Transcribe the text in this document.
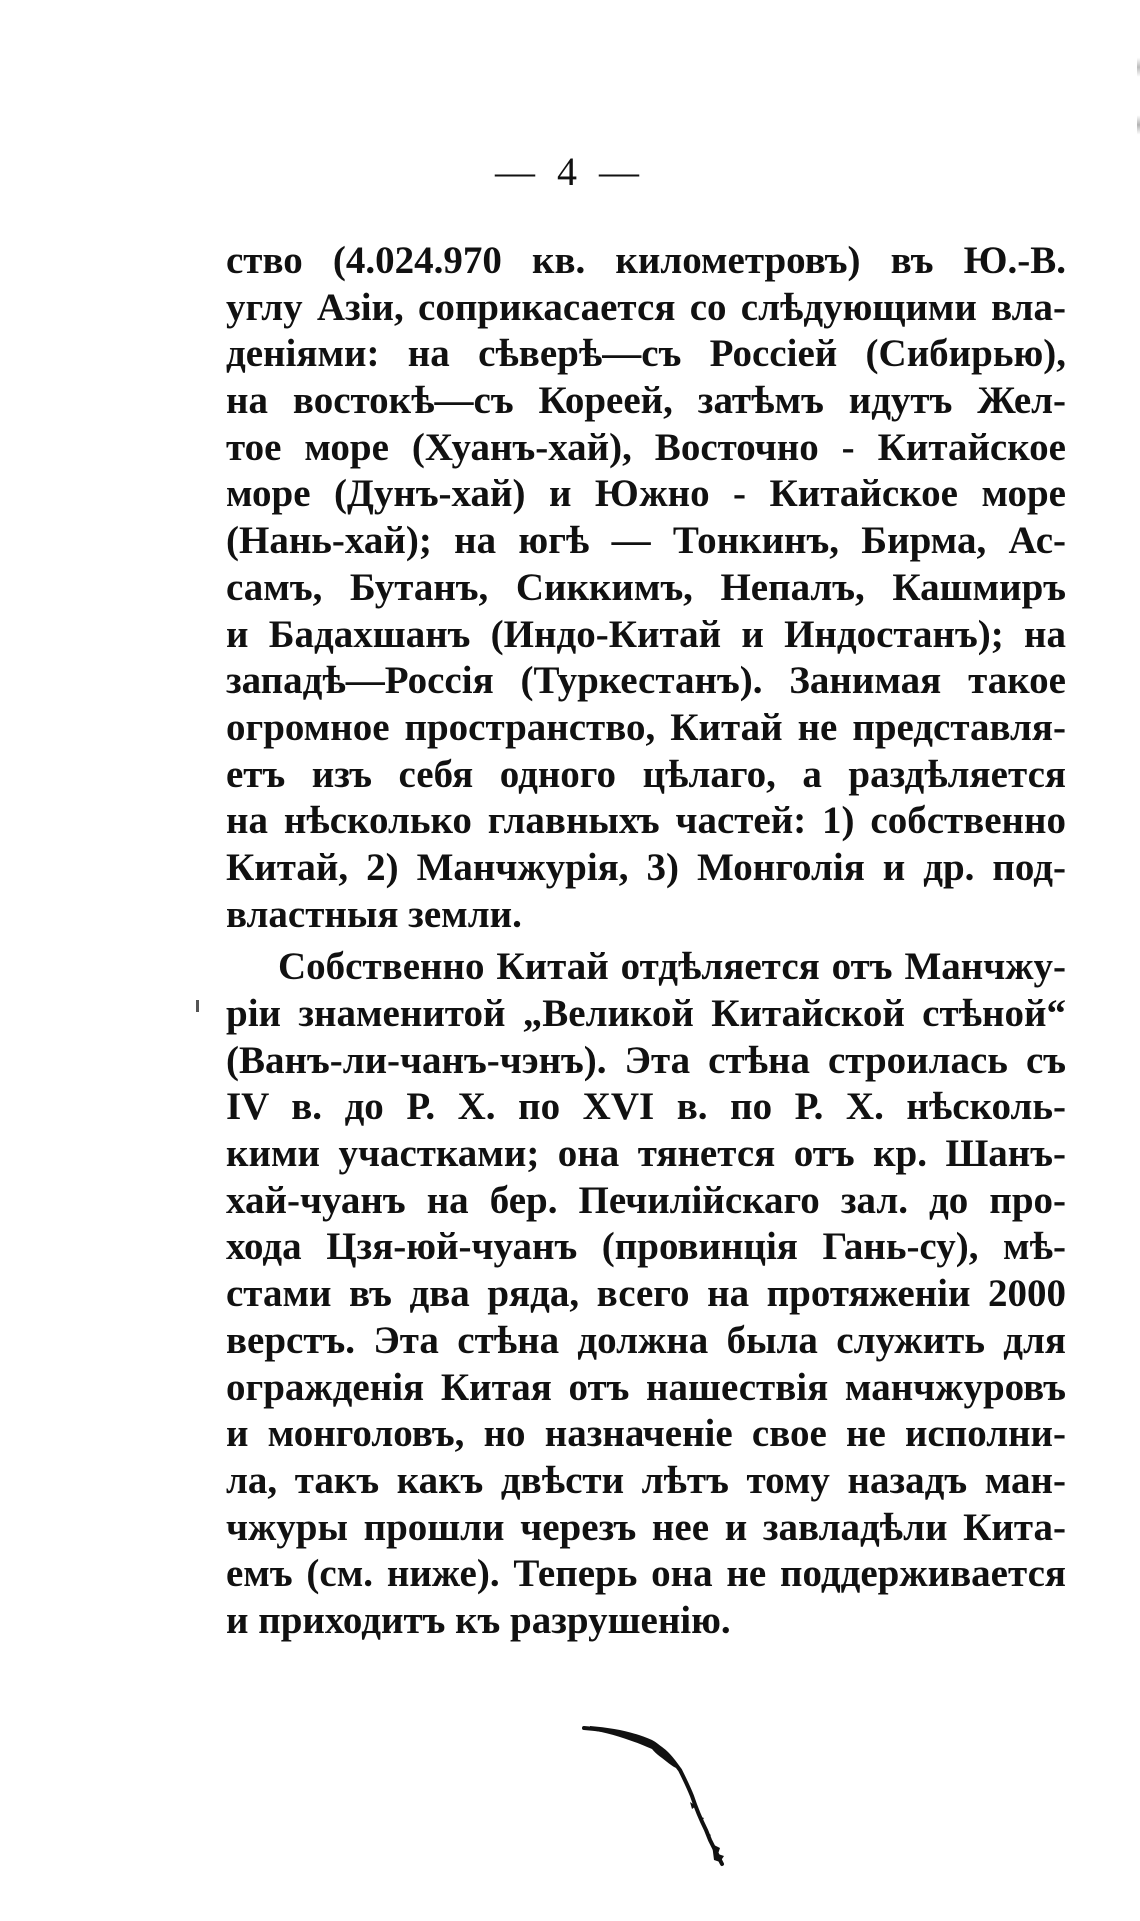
— 4 —

ство (4.024.970 кв. километровъ) въ Ю.-В.
углу Азіи, соприкасается со слѣдующими вла-
деніями: на сѣверѣ—съ Россіей (Сибирью),
на востокѣ—съ Кореей, затѣмъ идутъ Жел-
тое море (Хуанъ-хай), Восточно - Китайское
море (Дунъ-хай) и Южно - Китайское море
(Нань-хай); на югѣ — Тонкинъ, Бирма, Ас-
самъ, Бутанъ, Сиккимъ, Непалъ, Кашмиръ
и Бадахшанъ (Индо-Китай и Индостанъ); на
западѣ—Россія (Туркестанъ). Занимая такое
огромное пространство, Китай не представля-
етъ изъ себя одного цѣлаго, а раздѣляется
на нѣсколько главныхъ частей: 1) собственно
Китай, 2) Манчжурія, 3) Монголія и др. под-
властныя земли.

Собственно Китай отдѣляется отъ Манчжу-
ріи знаменитой „Великой Китайской стѣной“
(Ванъ-ли-чанъ-чэнъ). Эта стѣна строилась съ
IV в. до Р. Х. по XVI в. по Р. Х. нѣсколь-
кими участками; она тянется отъ кр. Шанъ-
хай-чуанъ на бер. Печилійскаго зал. до про-
хода Цзя-юй-чуанъ (провинція Гань-су), мѣ-
стами въ два ряда, всего на протяженіи 2000
верстъ. Эта стѣна должна была служить для
огражденія Китая отъ нашествія манчжуровъ
и монголовъ, но назначеніе свое не исполни-
ла, такъ какъ двѣсти лѣтъ тому назадъ ман-
чжуры прошли черезъ нее и завладѣли Кита-
емъ (см. ниже). Теперь она не поддерживается
и приходитъ къ разрушенію.
